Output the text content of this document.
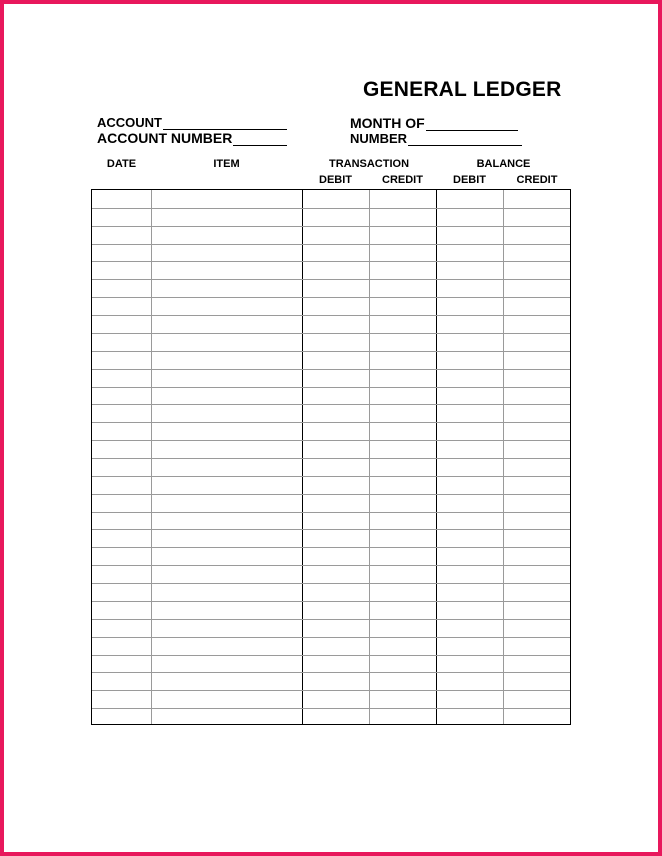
GENERAL LEDGER
ACCOUNT
ACCOUNT NUMBER
MONTH OF
NUMBER
DATE	ITEM	TRANSACTION	BALANCE
DEBIT	CREDIT	DEBIT	CREDIT
